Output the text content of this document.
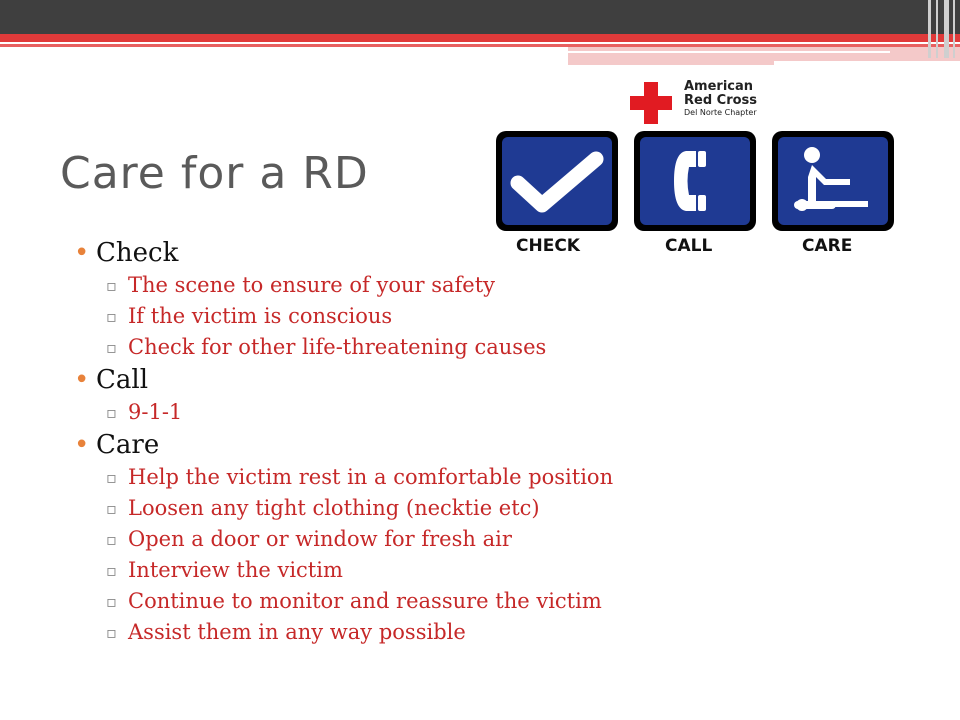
Care for a RD
• Check
▫ The scene to ensure of your safety
▫ If the victim is conscious
▫ Check for other life-threatening causes
• Call
▫ 9-1-1
• Care
▫ Help the victim rest in a comfortable position
▫ Loosen any tight clothing (necktie etc)
▫ Open a door or window for fresh air
▫ Interview the victim
▫ Continue to monitor and reassure the victim
▫ Assist them in any way possible
American
Red Cross
Del Norte Chapter
CHECK	CALL	CARE
